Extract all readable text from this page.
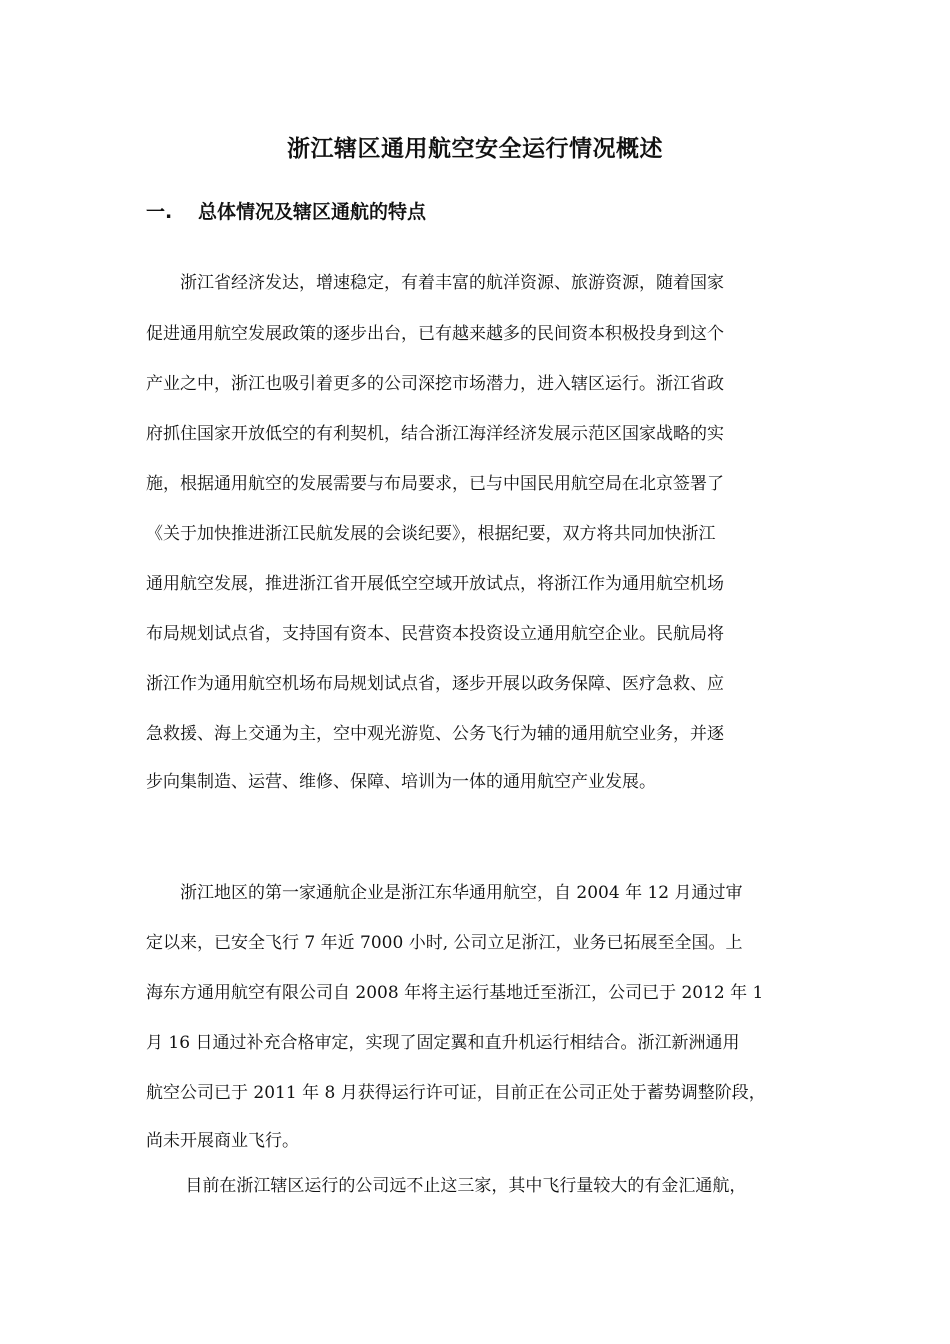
浙江辖区通用航空安全运行情况概述
一. 总体情况及辖区通航的特点
　　浙江省经济发达，增速稳定，有着丰富的航洋资源、旅游资源，随着国家
促进通用航空发展政策的逐步出台，已有越来越多的民间资本积极投身到这个
产业之中，浙江也吸引着更多的公司深挖市场潜力，进入辖区运行。浙江省政
府抓住国家开放低空的有利契机，结合浙江海洋经济发展示范区国家战略的实
施，根据通用航空的发展需要与布局要求，已与中国民用航空局在北京签署了
《关于加快推进浙江民航发展的会谈纪要》，根据纪要，双方将共同加快浙江
通用航空发展，推进浙江省开展低空空域开放试点，将浙江作为通用航空机场
布局规划试点省，支持国有资本、民营资本投资设立通用航空企业。民航局将
浙江作为通用航空机场布局规划试点省，逐步开展以政务保障、医疗急救、应
急救援、海上交通为主，空中观光游览、公务飞行为辅的通用航空业务，并逐
步向集制造、运营、维修、保障、培训为一体的通用航空产业发展。
　　浙江地区的第一家通航企业是浙江东华通用航空，自 2004 年 12 月通过审
定以来，已安全飞行 7 年近 7000 小时, 公司立足浙江，业务已拓展至全国。上
海东方通用航空有限公司自 2008 年将主运行基地迁至浙江，公司已于 2012 年 1
月 16 日通过补充合格审定，实现了固定翼和直升机运行相结合。浙江新洲通用
航空公司已于 2011 年 8 月获得运行许可证，目前正在公司正处于蓄势调整阶段，
尚未开展商业飞行。
　　 目前在浙江辖区运行的公司远不止这三家，其中飞行量较大的有金汇通航，
